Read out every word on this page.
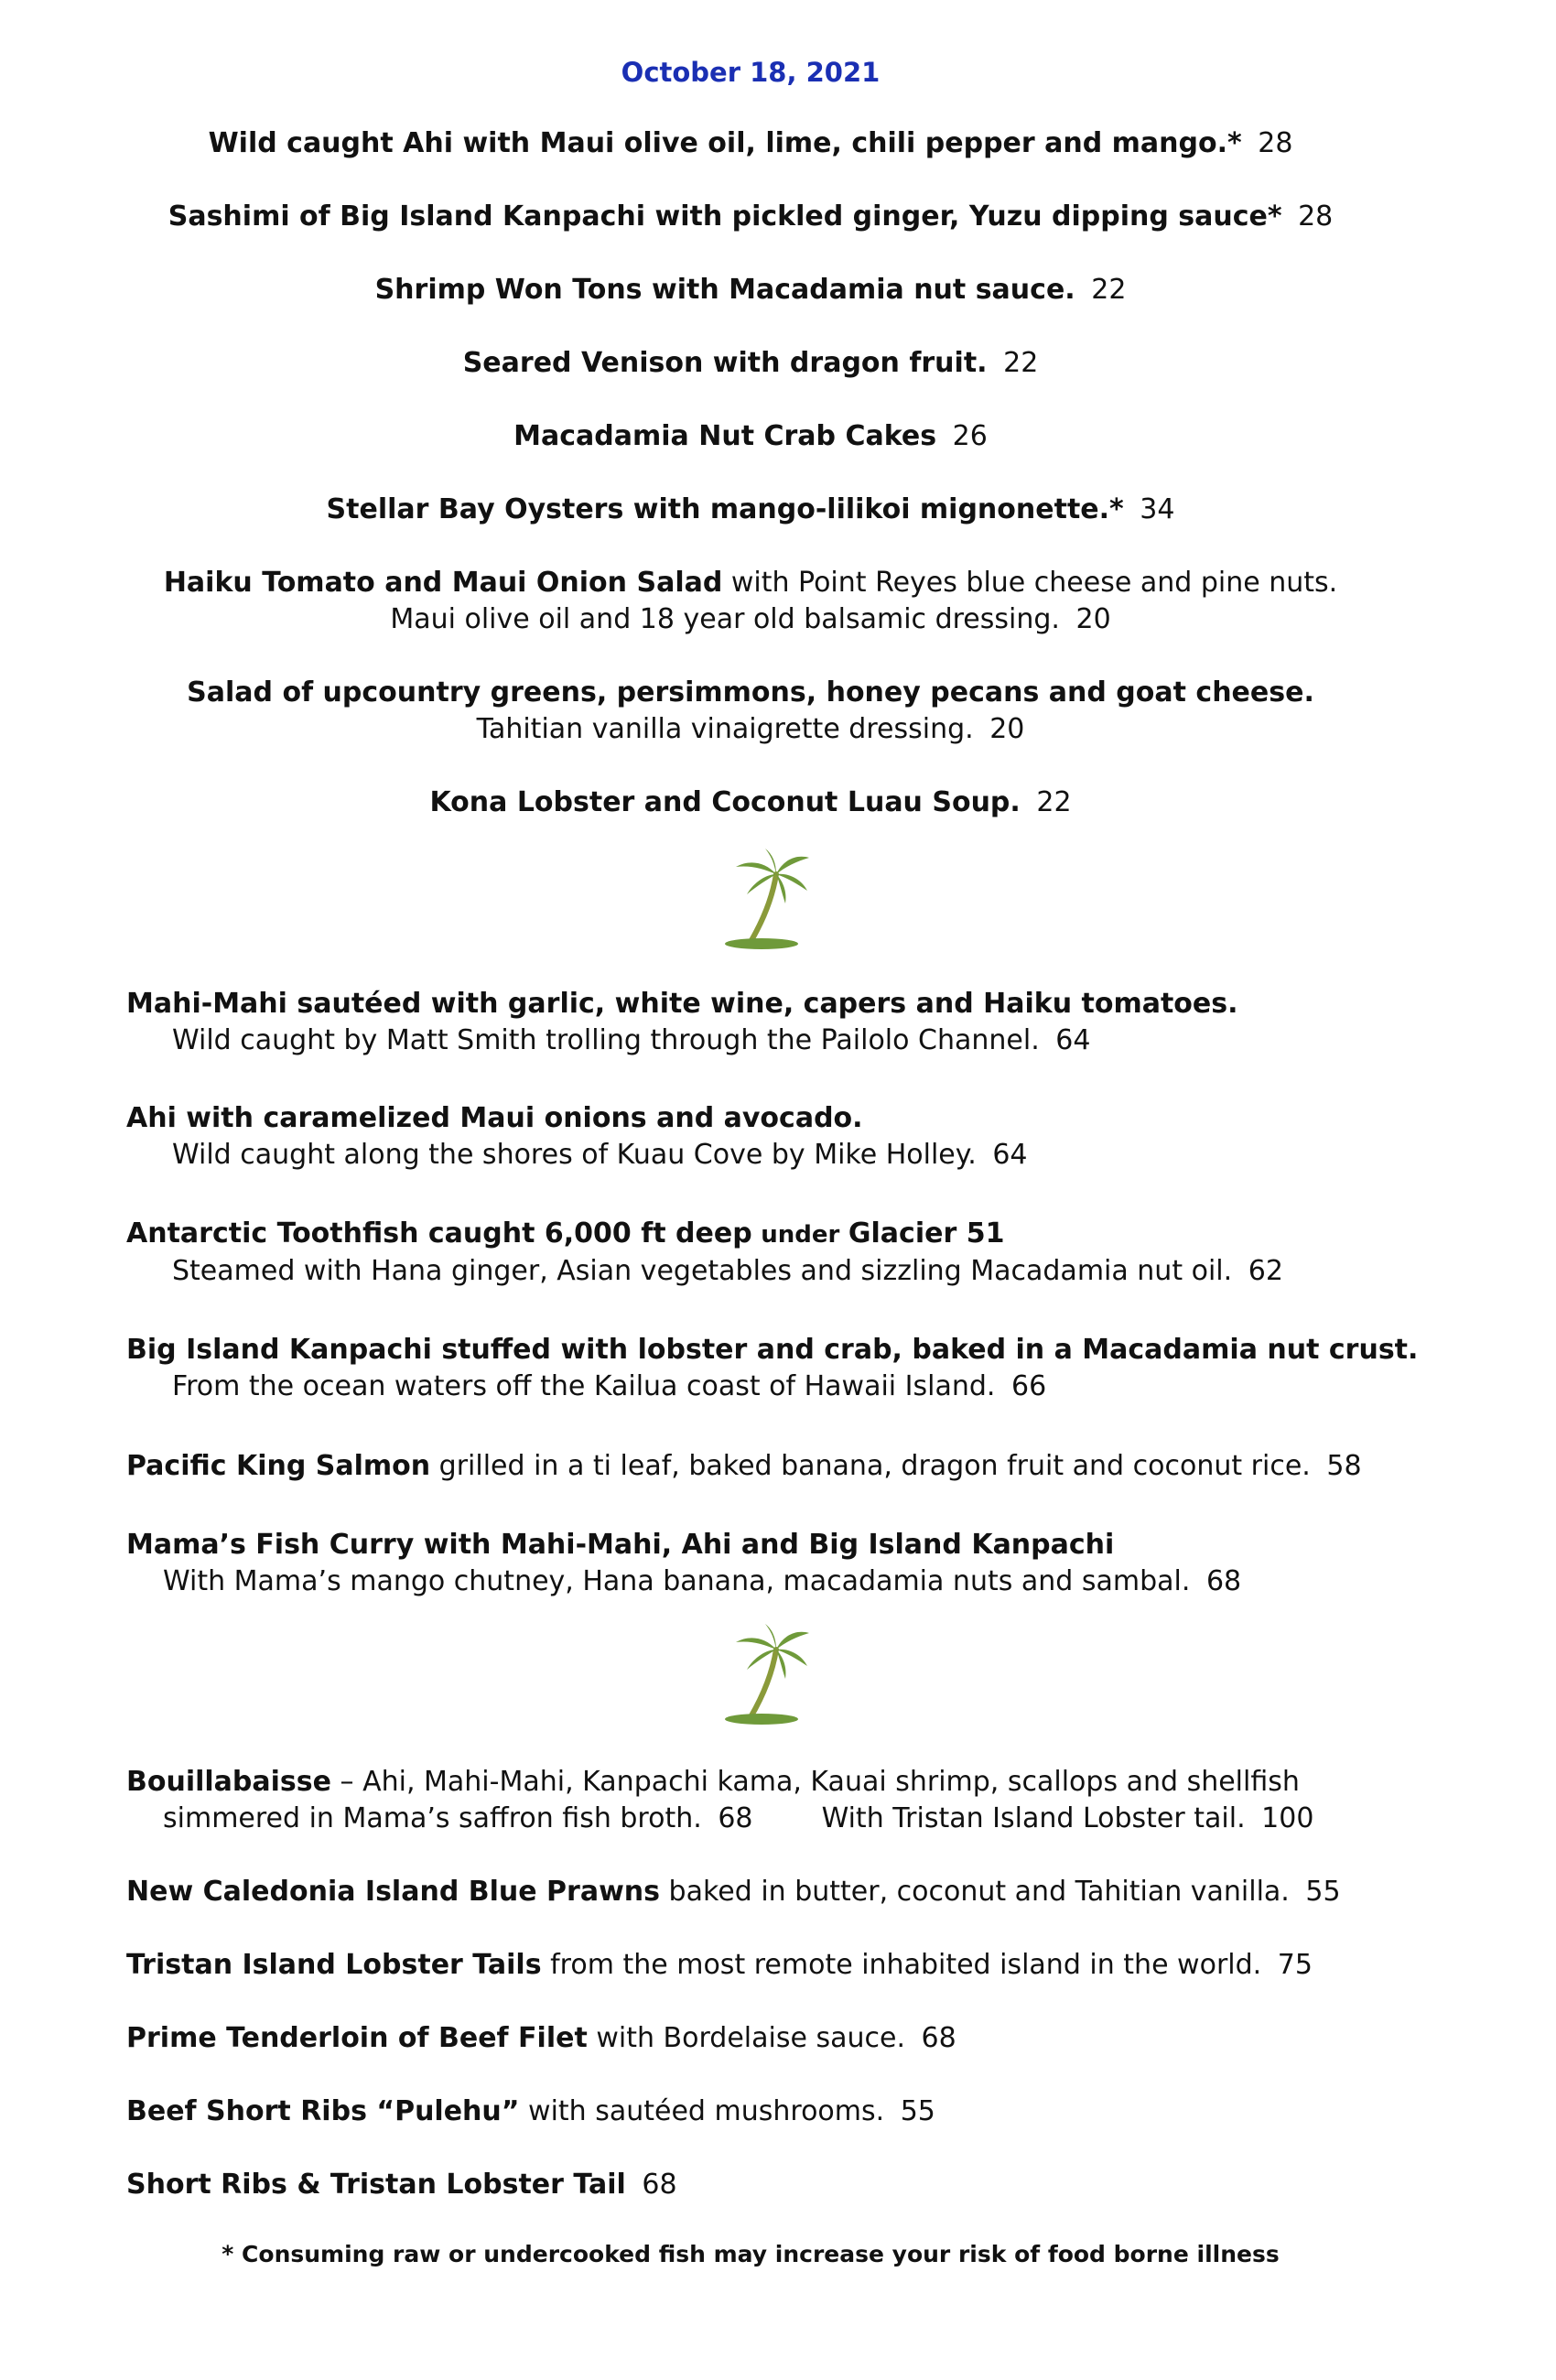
October 18, 2021
Wild caught Ahi with Maui olive oil, lime, chili pepper and mango.* 28
Sashimi of Big Island Kanpachi with pickled ginger, Yuzu dipping sauce* 28
Shrimp Won Tons with Macadamia nut sauce. 22
Seared Venison with dragon fruit. 22
Macadamia Nut Crab Cakes 26
Stellar Bay Oysters with mango-lilikoi mignonette.* 34
Haiku Tomato and Maui Onion Salad with Point Reyes blue cheese and pine nuts.
Maui olive oil and 18 year old balsamic dressing. 20
Salad of upcountry greens, persimmons, honey pecans and goat cheese.
Tahitian vanilla vinaigrette dressing. 20
Kona Lobster and Coconut Luau Soup. 22
Mahi-Mahi sautéed with garlic, white wine, capers and Haiku tomatoes.
Wild caught by Matt Smith trolling through the Pailolo Channel. 64
Ahi with caramelized Maui onions and avocado.
Wild caught along the shores of Kuau Cove by Mike Holley. 64
Antarctic Toothfish caught 6,000 ft deep under Glacier 51
Steamed with Hana ginger, Asian vegetables and sizzling Macadamia nut oil. 62
Big Island Kanpachi stuffed with lobster and crab, baked in a Macadamia nut crust.
From the ocean waters off the Kailua coast of Hawaii Island. 66
Pacific King Salmon grilled in a ti leaf, baked banana, dragon fruit and coconut rice. 58
Mama’s Fish Curry with Mahi-Mahi, Ahi and Big Island Kanpachi
With Mama’s mango chutney, Hana banana, macadamia nuts and sambal. 68
Bouillabaisse – Ahi, Mahi-Mahi, Kanpachi kama, Kauai shrimp, scallops and shellfish
simmered in Mama’s saffron fish broth. 68	With Tristan Island Lobster tail. 100
New Caledonia Island Blue Prawns baked in butter, coconut and Tahitian vanilla. 55
Tristan Island Lobster Tails from the most remote inhabited island in the world. 75
Prime Tenderloin of Beef Filet with Bordelaise sauce. 68
Beef Short Ribs “Pulehu” with sautéed mushrooms. 55
Short Ribs & Tristan Lobster Tail 68
* Consuming raw or undercooked fish may increase your risk of food borne illness
